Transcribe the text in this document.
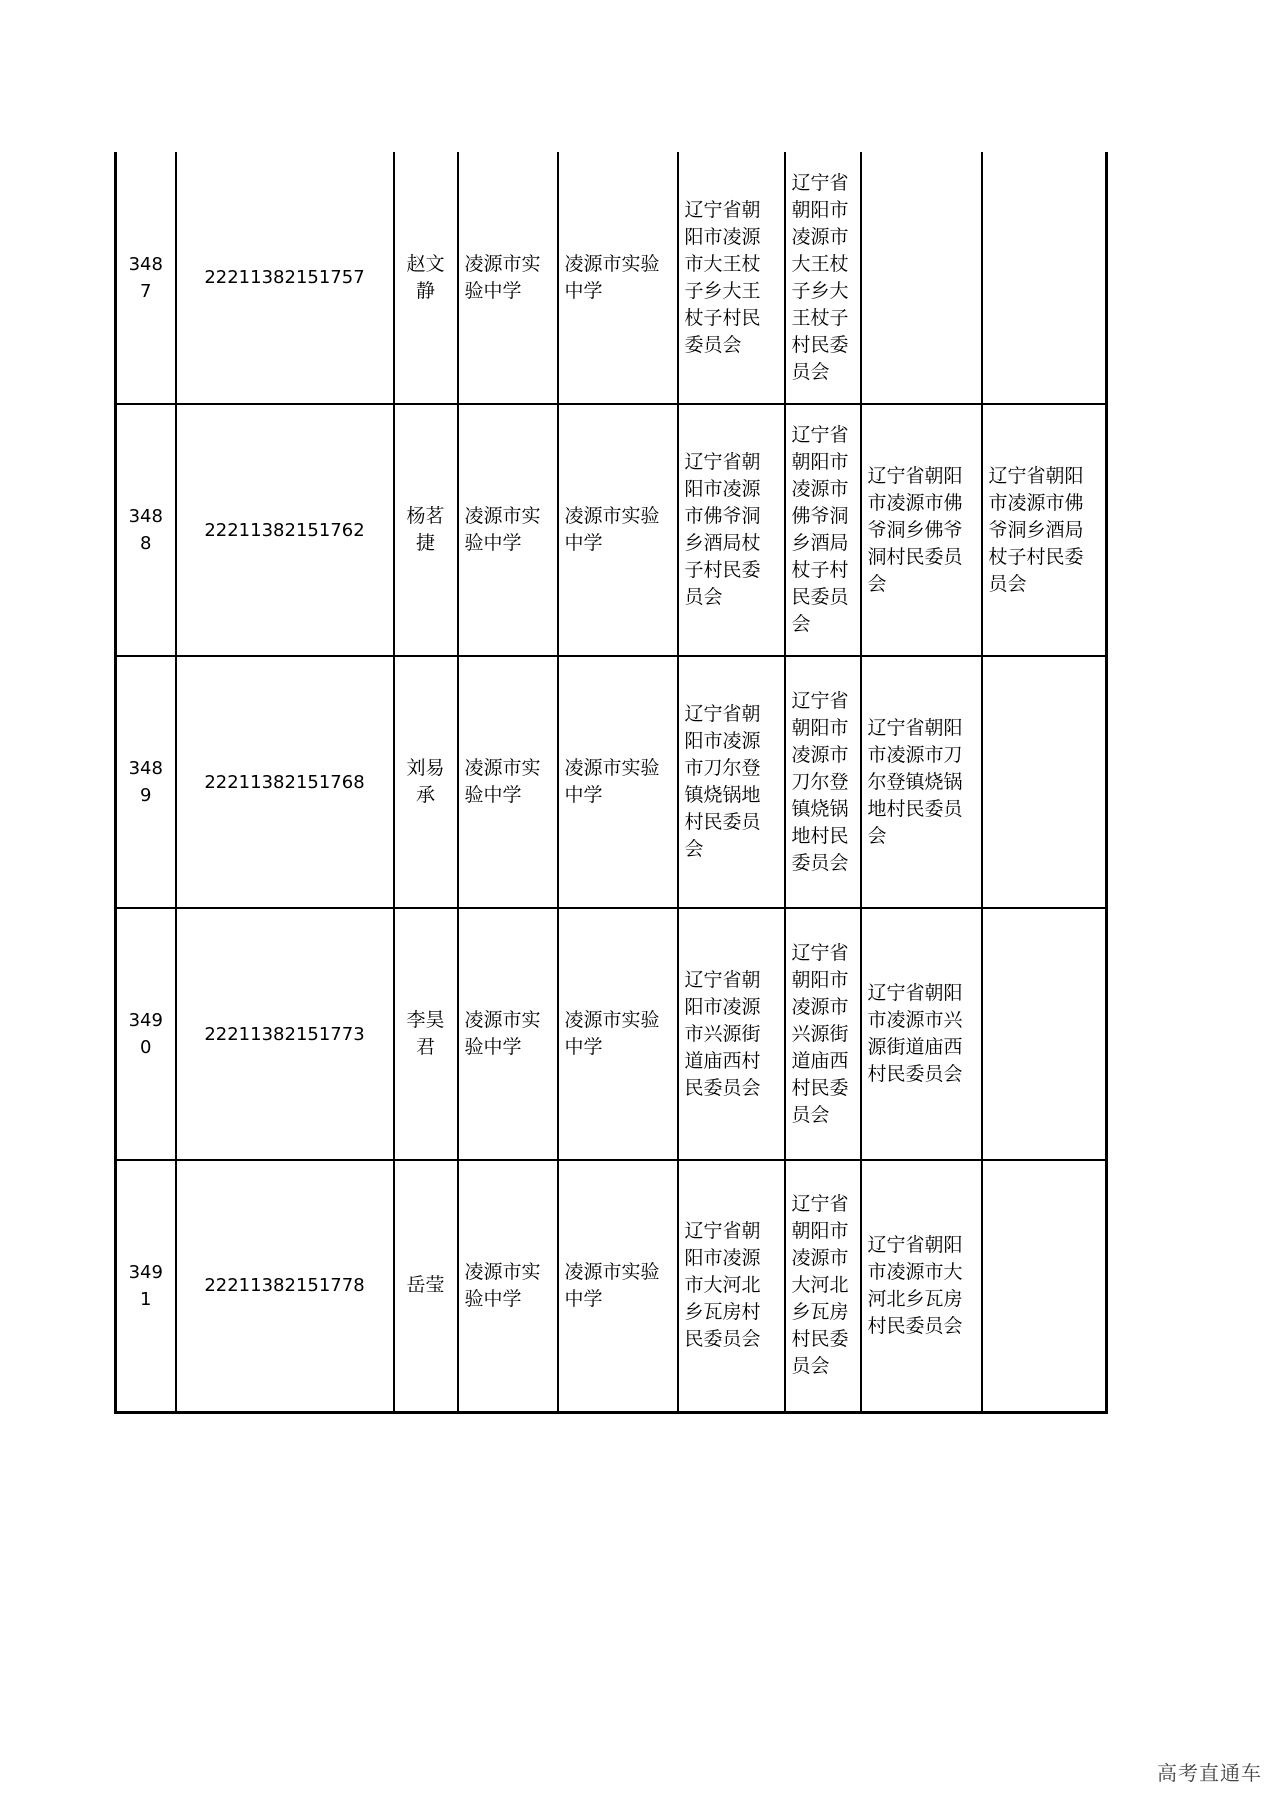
3487	22211382151757	赵文静	凌源市实验中学	凌源市实验中学	辽宁省朝阳市凌源市大王杖子乡大王杖子村民委员会	辽宁省朝阳市凌源市大王杖子乡大王杖子村民委员会		
3488	22211382151762	杨茗捷	凌源市实验中学	凌源市实验中学	辽宁省朝阳市凌源市佛爷洞乡酒局杖子村民委员会	辽宁省朝阳市凌源市佛爷洞乡酒局杖子村民委员会	辽宁省朝阳市凌源市佛爷洞乡佛爷洞村民委员会	辽宁省朝阳市凌源市佛爷洞乡酒局杖子村民委员会
3489	22211382151768	刘易承	凌源市实验中学	凌源市实验中学	辽宁省朝阳市凌源市刀尔登镇烧锅地村民委员会	辽宁省朝阳市凌源市刀尔登镇烧锅地村民委员会	辽宁省朝阳市凌源市刀尔登镇烧锅地村民委员会	
3490	22211382151773	李昊君	凌源市实验中学	凌源市实验中学	辽宁省朝阳市凌源市兴源街道庙西村民委员会	辽宁省朝阳市凌源市兴源街道庙西村民委员会	辽宁省朝阳市凌源市兴源街道庙西村民委员会	
3491	22211382151778	岳莹	凌源市实验中学	凌源市实验中学	辽宁省朝阳市凌源市大河北乡瓦房村民委员会	辽宁省朝阳市凌源市大河北乡瓦房村民委员会	辽宁省朝阳市凌源市大河北乡瓦房村民委员会	
高考直通车
